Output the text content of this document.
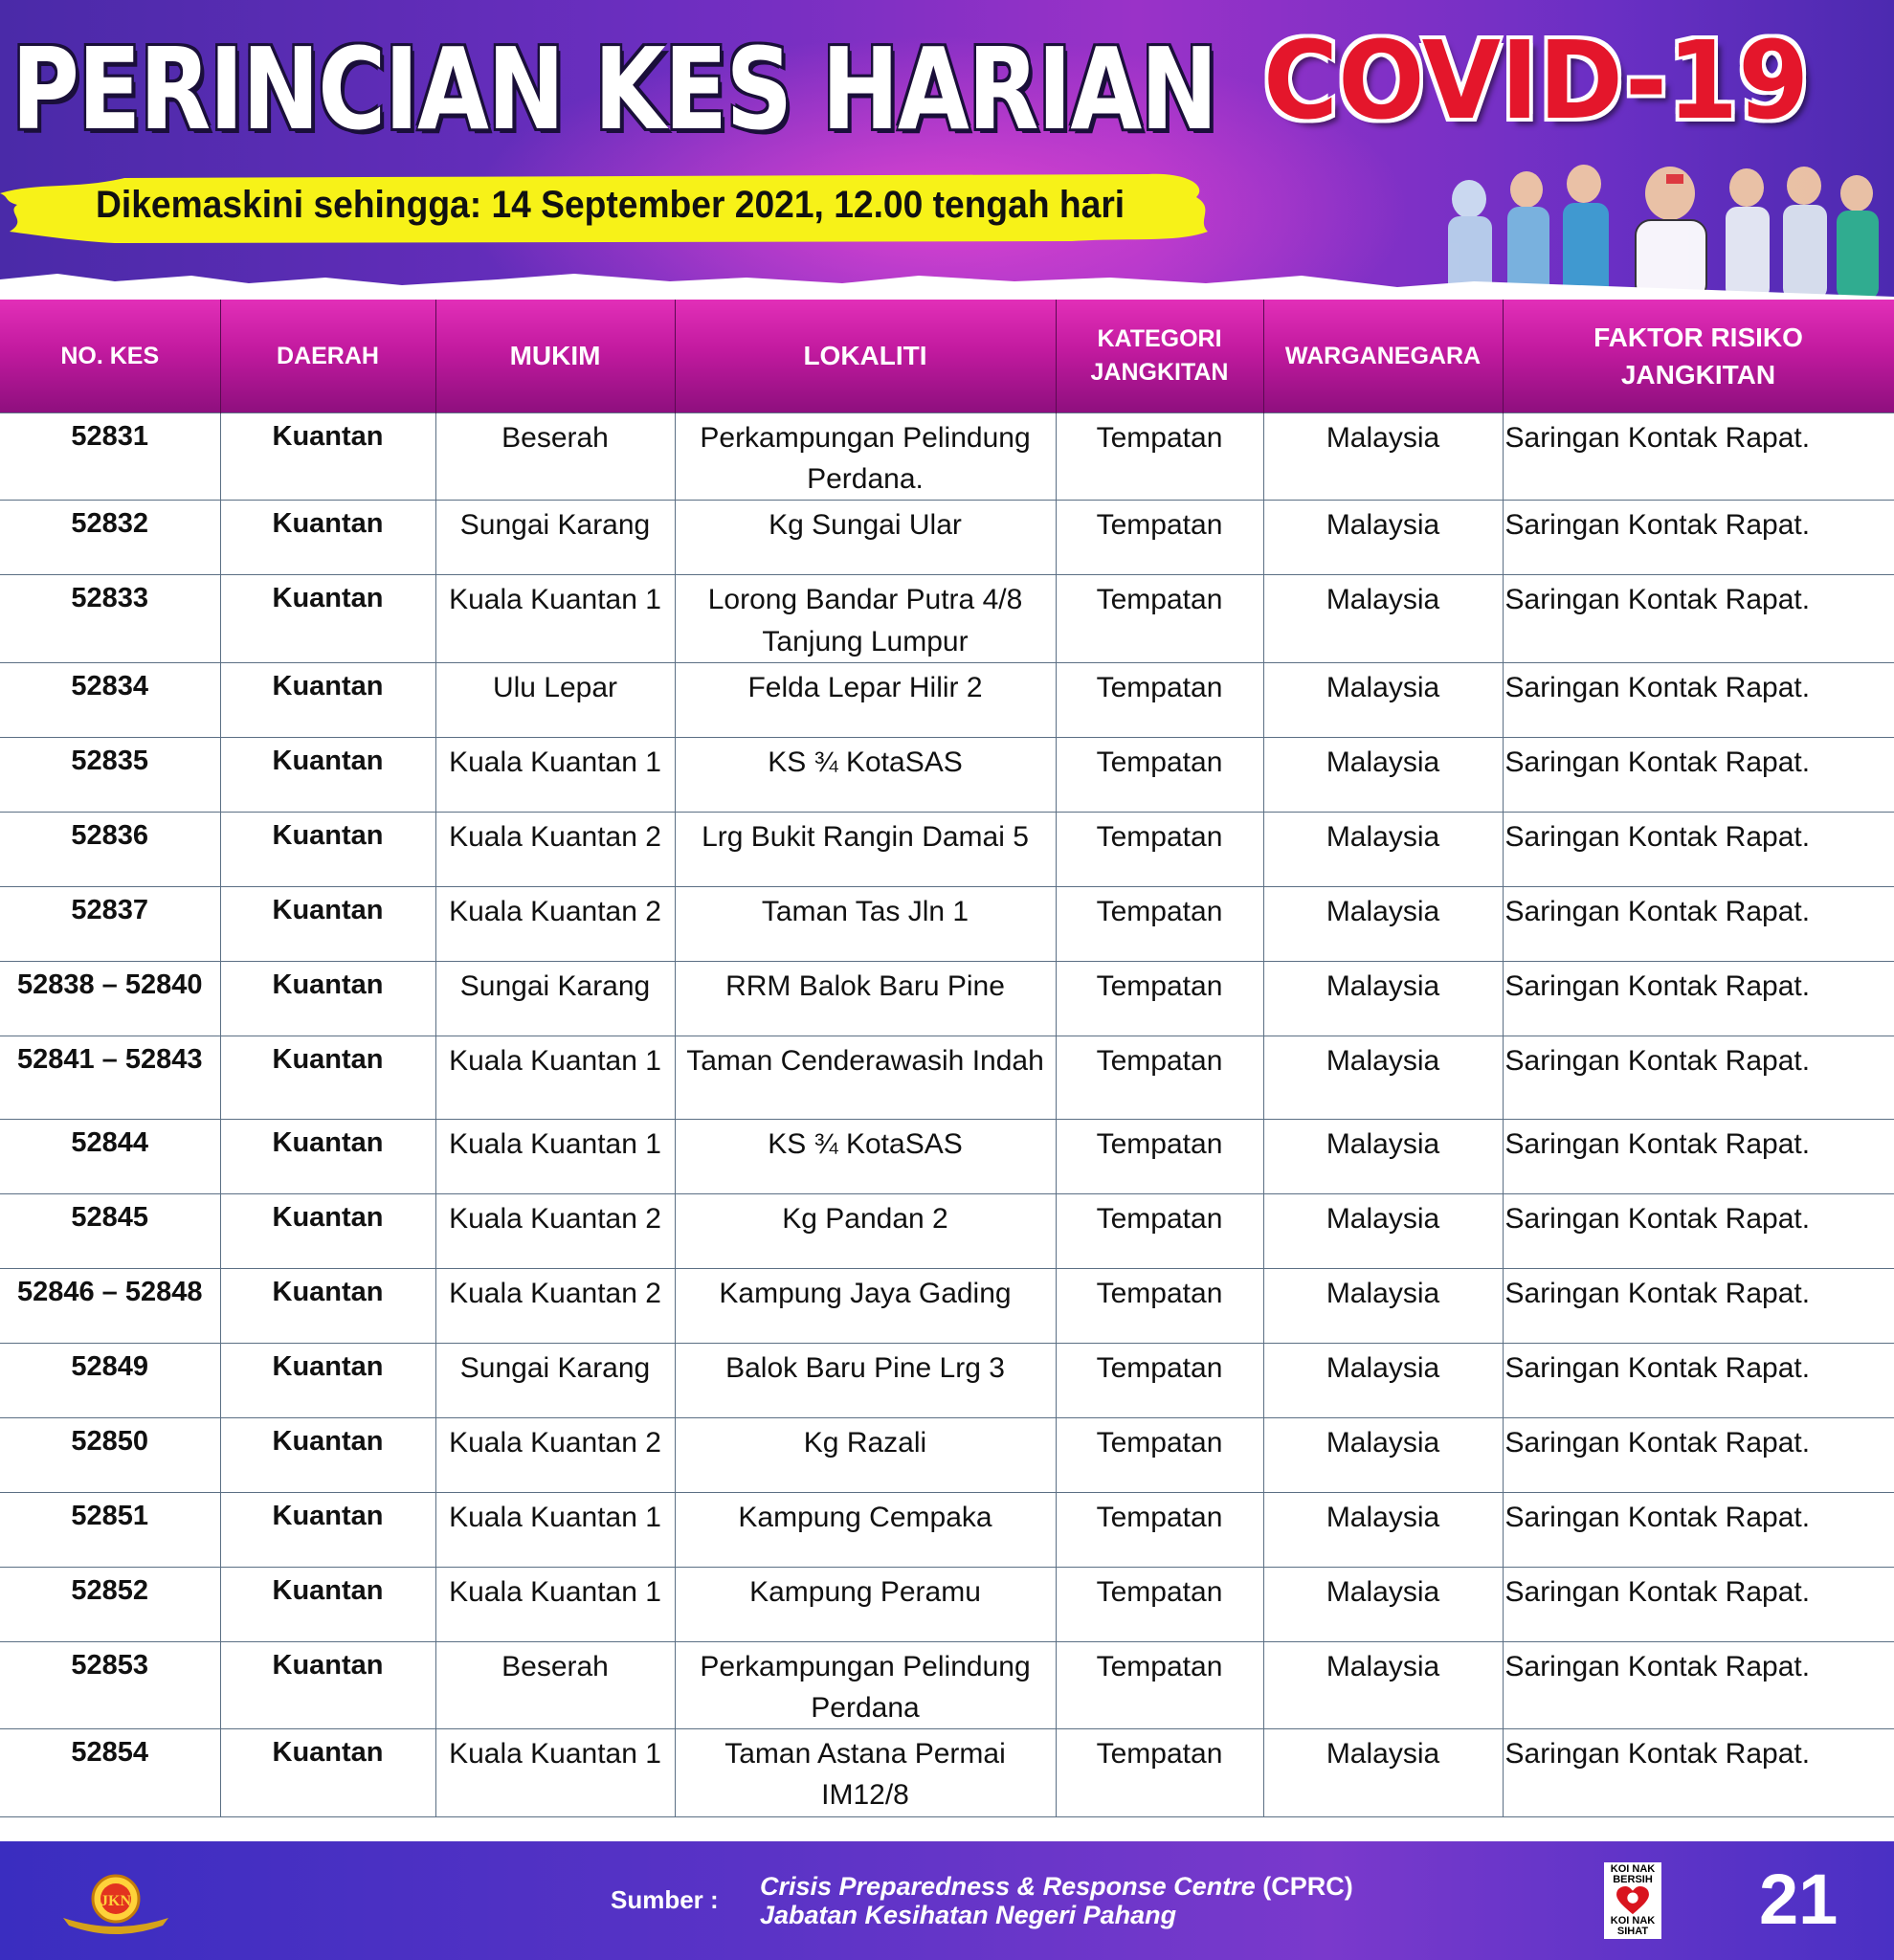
PERINCIAN KES HARIAN COVID-19
Dikemaskini sehingga: 14 September 2021, 12.00 tengah hari
NO. KES	DAERAH	MUKIM	LOKALITI	KATEGORI JANGKITAN	WARGANEGARA	FAKTOR RISIKO JANGKITAN
52831	Kuantan	Beserah	Perkampungan Pelindung Perdana.	Tempatan	Malaysia	Saringan Kontak Rapat.
52832	Kuantan	Sungai Karang	Kg Sungai Ular	Tempatan	Malaysia	Saringan Kontak Rapat.
52833	Kuantan	Kuala Kuantan 1	Lorong Bandar Putra 4/8 Tanjung Lumpur	Tempatan	Malaysia	Saringan Kontak Rapat.
52834	Kuantan	Ulu Lepar	Felda Lepar Hilir 2	Tempatan	Malaysia	Saringan Kontak Rapat.
52835	Kuantan	Kuala Kuantan 1	KS ¾ KotaSAS	Tempatan	Malaysia	Saringan Kontak Rapat.
52836	Kuantan	Kuala Kuantan 2	Lrg Bukit Rangin Damai 5	Tempatan	Malaysia	Saringan Kontak Rapat.
52837	Kuantan	Kuala Kuantan 2	Taman Tas Jln 1	Tempatan	Malaysia	Saringan Kontak Rapat.
52838 – 52840	Kuantan	Sungai Karang	RRM Balok Baru Pine	Tempatan	Malaysia	Saringan Kontak Rapat.
52841 – 52843	Kuantan	Kuala Kuantan 1	Taman Cenderawasih Indah	Tempatan	Malaysia	Saringan Kontak Rapat.
52844	Kuantan	Kuala Kuantan 1	KS ¾ KotaSAS	Tempatan	Malaysia	Saringan Kontak Rapat.
52845	Kuantan	Kuala Kuantan 2	Kg Pandan 2	Tempatan	Malaysia	Saringan Kontak Rapat.
52846 – 52848	Kuantan	Kuala Kuantan 2	Kampung Jaya Gading	Tempatan	Malaysia	Saringan Kontak Rapat.
52849	Kuantan	Sungai Karang	Balok Baru Pine Lrg 3	Tempatan	Malaysia	Saringan Kontak Rapat.
52850	Kuantan	Kuala Kuantan 2	Kg Razali	Tempatan	Malaysia	Saringan Kontak Rapat.
52851	Kuantan	Kuala Kuantan 1	Kampung Cempaka	Tempatan	Malaysia	Saringan Kontak Rapat.
52852	Kuantan	Kuala Kuantan 1	Kampung Peramu	Tempatan	Malaysia	Saringan Kontak Rapat.
52853	Kuantan	Beserah	Perkampungan Pelindung Perdana	Tempatan	Malaysia	Saringan Kontak Rapat.
52854	Kuantan	Kuala Kuantan 1	Taman Astana Permai IM12/8	Tempatan	Malaysia	Saringan Kontak Rapat.
JKN	Sumber : Crisis Preparedness & Response Centre (CPRC)
Jabatan Kesihatan Negeri Pahang
KOI NAK BERSIH
KOI NAK SIHAT 21
